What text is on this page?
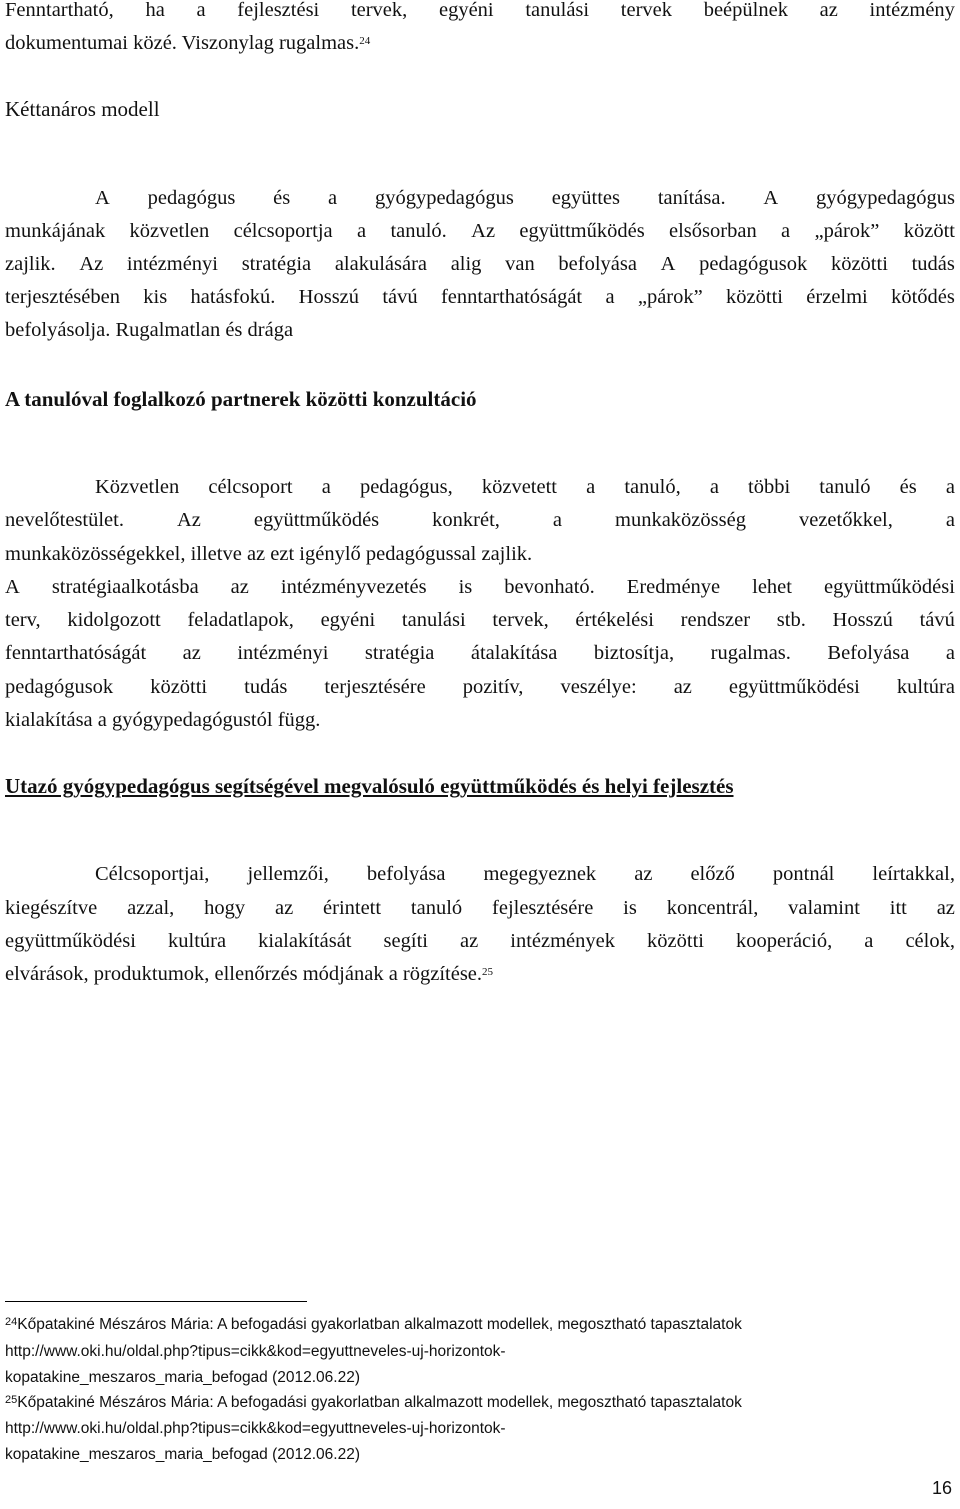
Fenntartható, ha a fejlesztési tervek, egyéni tanulási tervek beépülnek az intézmény
dokumentumai közé. Viszonylag rugalmas.$^{24}$
Kéttanáros modell
A pedagógus és a gyógypedagógus együttes tanítása. A gyógypedagógus
munkájának közvetlen célcsoportja a tanuló. Az együttműködés elsősorban a „párok” között
zajlik. Az intézményi stratégia alakulására alig van befolyása A pedagógusok közötti tudás
terjesztésében kis hatásfokú. Hosszú távú fenntarthatóságát a „párok” közötti érzelmi kötődés
befolyásolja. Rugalmatlan és drága
A tanulóval foglalkozó partnerek közötti konzultáció
Közvetlen célcsoport a pedagógus, közvetett a tanuló, a többi tanuló és a
nevelőtestület.	Az	együttműködés	konkrét,	a	munkaközösség	vezetőkkel,	a
munkaközösségekkel, illetve az ezt igénylő pedagógussal zajlik.
A stratégiaalkotásba az intézményvezetés is bevonható. Eredménye lehet együttműködési
terv, kidolgozott feladatlapok, egyéni tanulási tervek, értékelési rendszer stb. Hosszú távú
fenntarthatóságát az intézményi stratégia átalakítása biztosítja, rugalmas. Befolyása a
pedagógusok közötti tudás terjesztésére pozitív, veszélye: az együttműködési kultúra
kialakítása a gyógypedagógustól függ.
Utazó gyógypedagógus segítségével megvalósuló együttműködés és helyi fejlesztés
Célcsoportjai, jellemzői, befolyása megegyeznek az előző pontnál leírtakkal,
kiegészítve azzal, hogy az érintett tanuló fejlesztésére is koncentrál, valamint itt az
együttműködési kultúra kialakítását segíti az intézmények közötti kooperáció, a célok,
elvárások, produktumok, ellenőrzés módjának a rögzítése.$^{25}$
$^{24}$Kőpatakiné Mészáros Mária: A befogadási gyakorlatban alkalmazott modellek, megosztható tapasztalatok
http://www.oki.hu/oldal.php?tipus=cikk&kod=egyuttneveles-uj-horizontok-
kopatakine_meszaros_maria_befogad (2012.06.22)
$^{25}$Kőpatakiné Mészáros Mária: A befogadási gyakorlatban alkalmazott modellek, megosztható tapasztalatok
http://www.oki.hu/oldal.php?tipus=cikk&kod=egyuttneveles-uj-horizontok-
kopatakine_meszaros_maria_befogad (2012.06.22)
16
